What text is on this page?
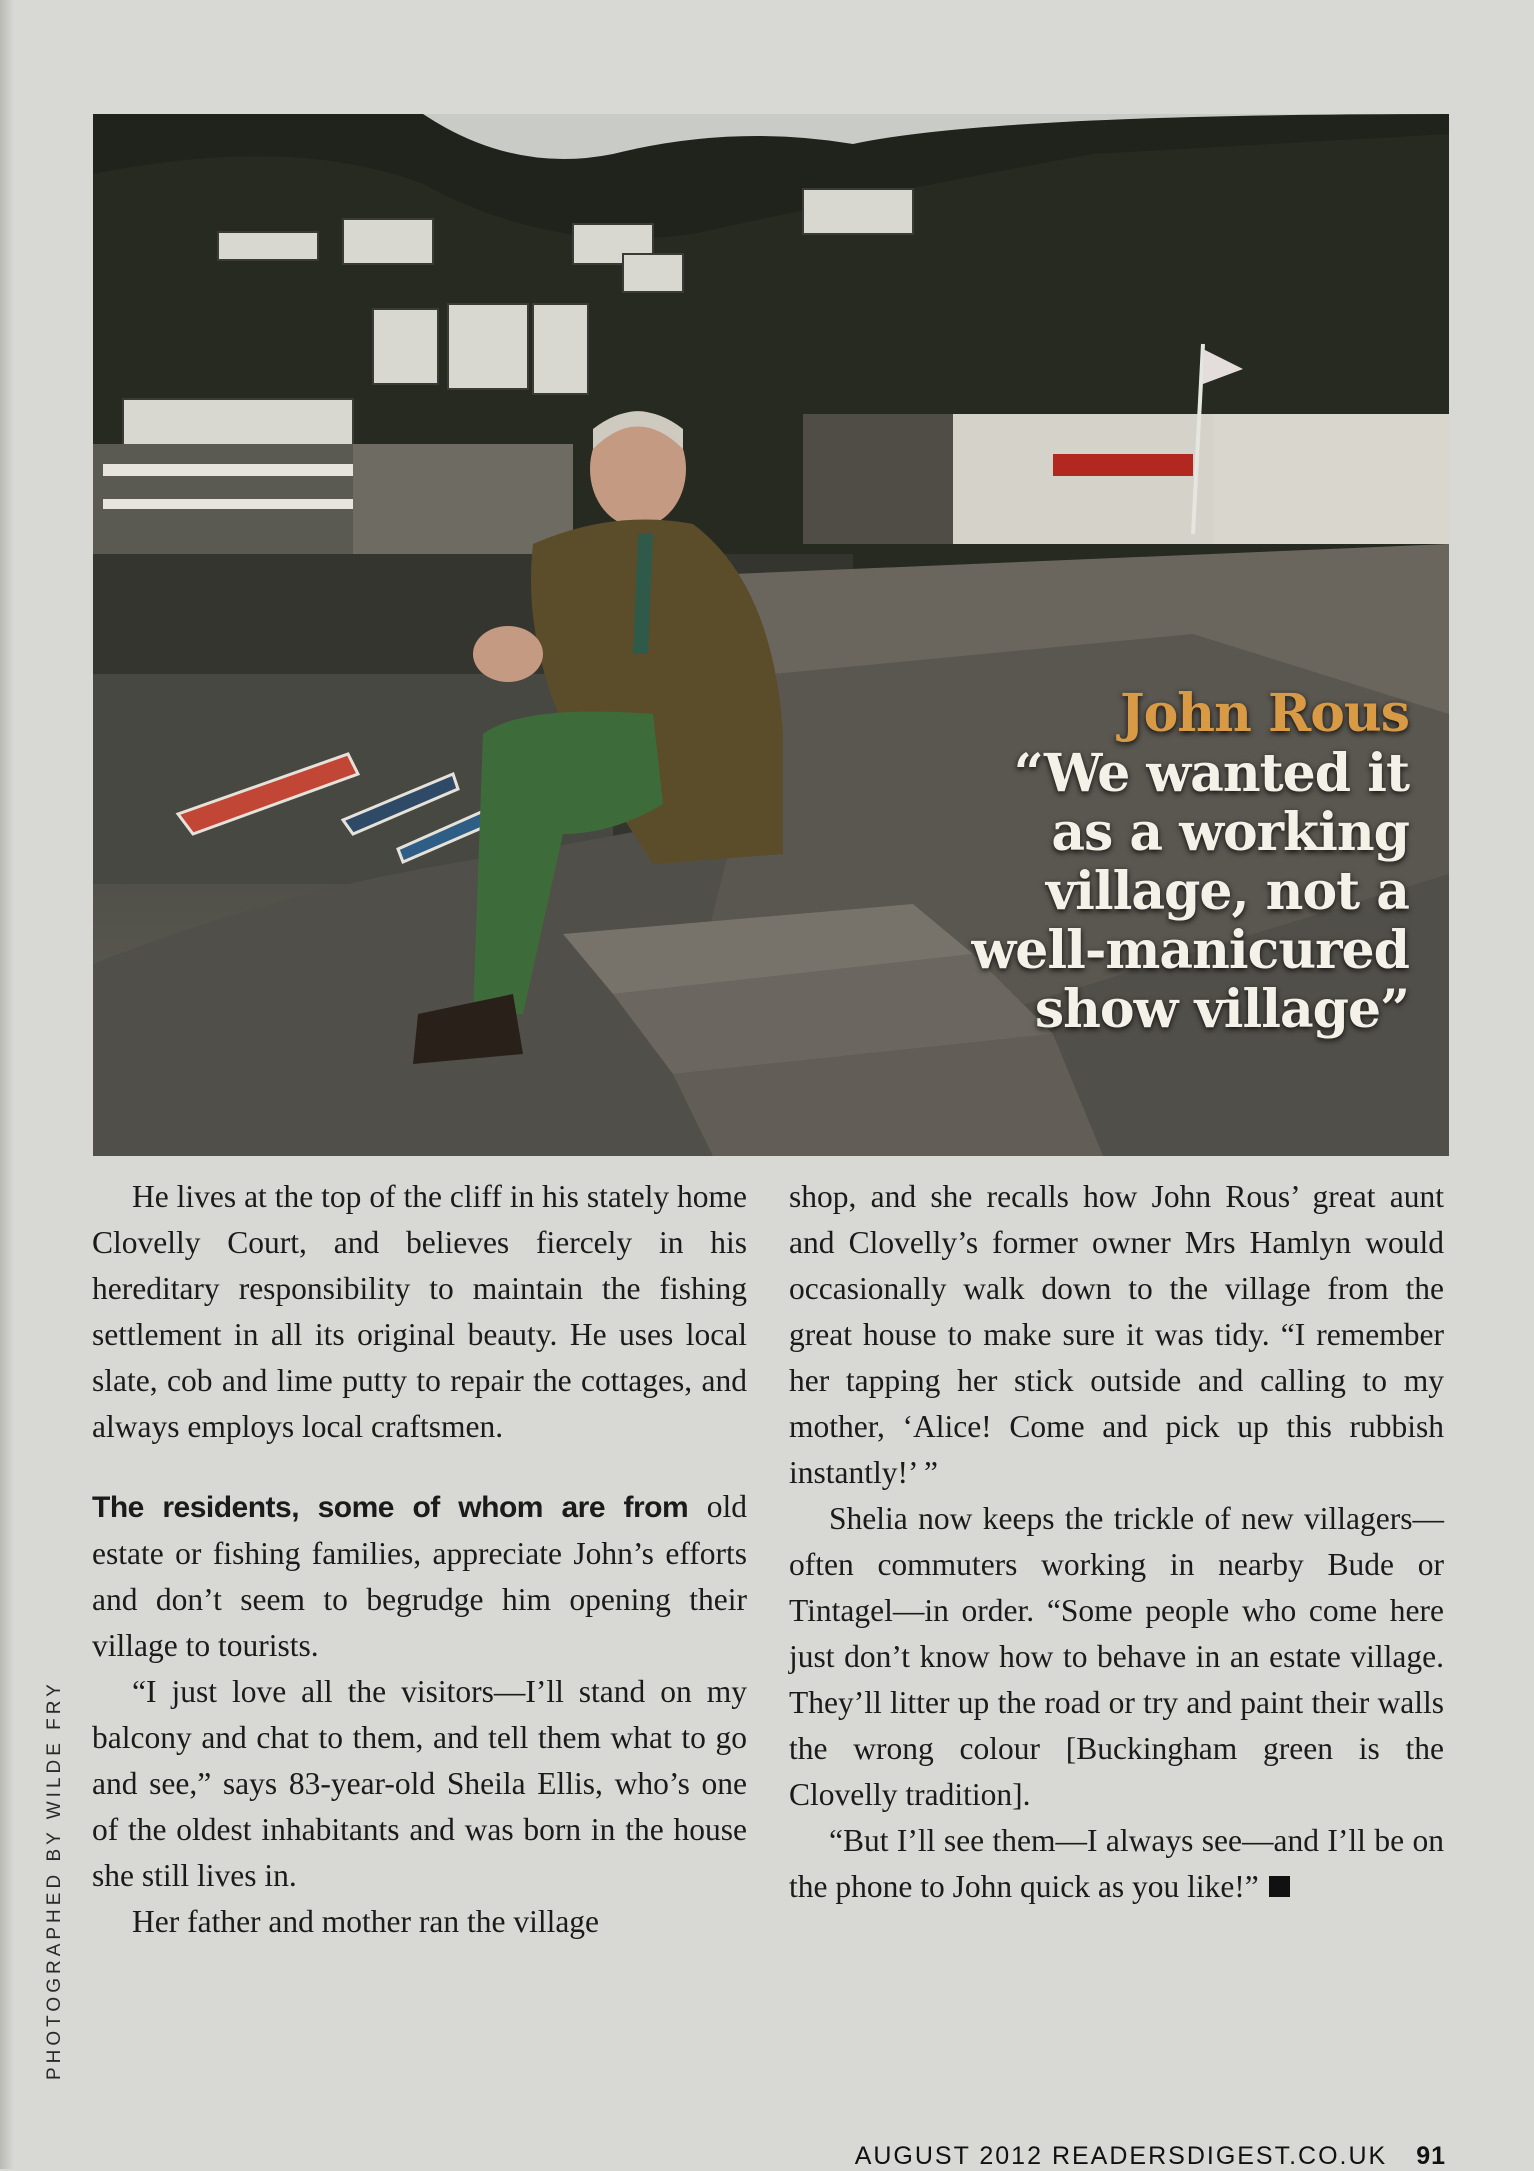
John Rous
“We wanted it
as a working
village, not a
well-manicured
show village”
PHOTOGRAPHED BY WILDE FRY

He lives at the top of the cliff in his stately home Clovelly Court, and believes fiercely in his hereditary responsibility to maintain the fishing settlement in all its original beauty. He uses local slate, cob and lime putty to repair the cottages, and always employs local craftsmen.

The residents, some of whom are from old estate or fishing families, appreciate John’s efforts and don’t seem to begrudge him opening their village to tourists.

“I just love all the visitors—I’ll stand on my balcony and chat to them, and tell them what to go and see,” says 83-year-old Sheila Ellis, who’s one of the oldest inhabitants and was born in the house she still lives in.

Her father and mother ran the village

shop, and she recalls how John Rous’ great aunt and Clovelly’s former owner Mrs Hamlyn would occasionally walk down to the village from the great house to make sure it was tidy. “I remember her tapping her stick outside and calling to my mother, ‘Alice! Come and pick up this rubbish instantly!’ ”

Shelia now keeps the trickle of new villagers—often commuters working in nearby Bude or Tintagel—in order. “Some people who come here just don’t know how to behave in an estate village. They’ll litter up the road or try and paint their walls the wrong colour [Buckingham green is the Clovelly tradition].

“But I’ll see them—I always see—and I’ll be on the phone to John quick as you like!”

AUGUST 2012 READERSDIGEST.CO.UK 91
